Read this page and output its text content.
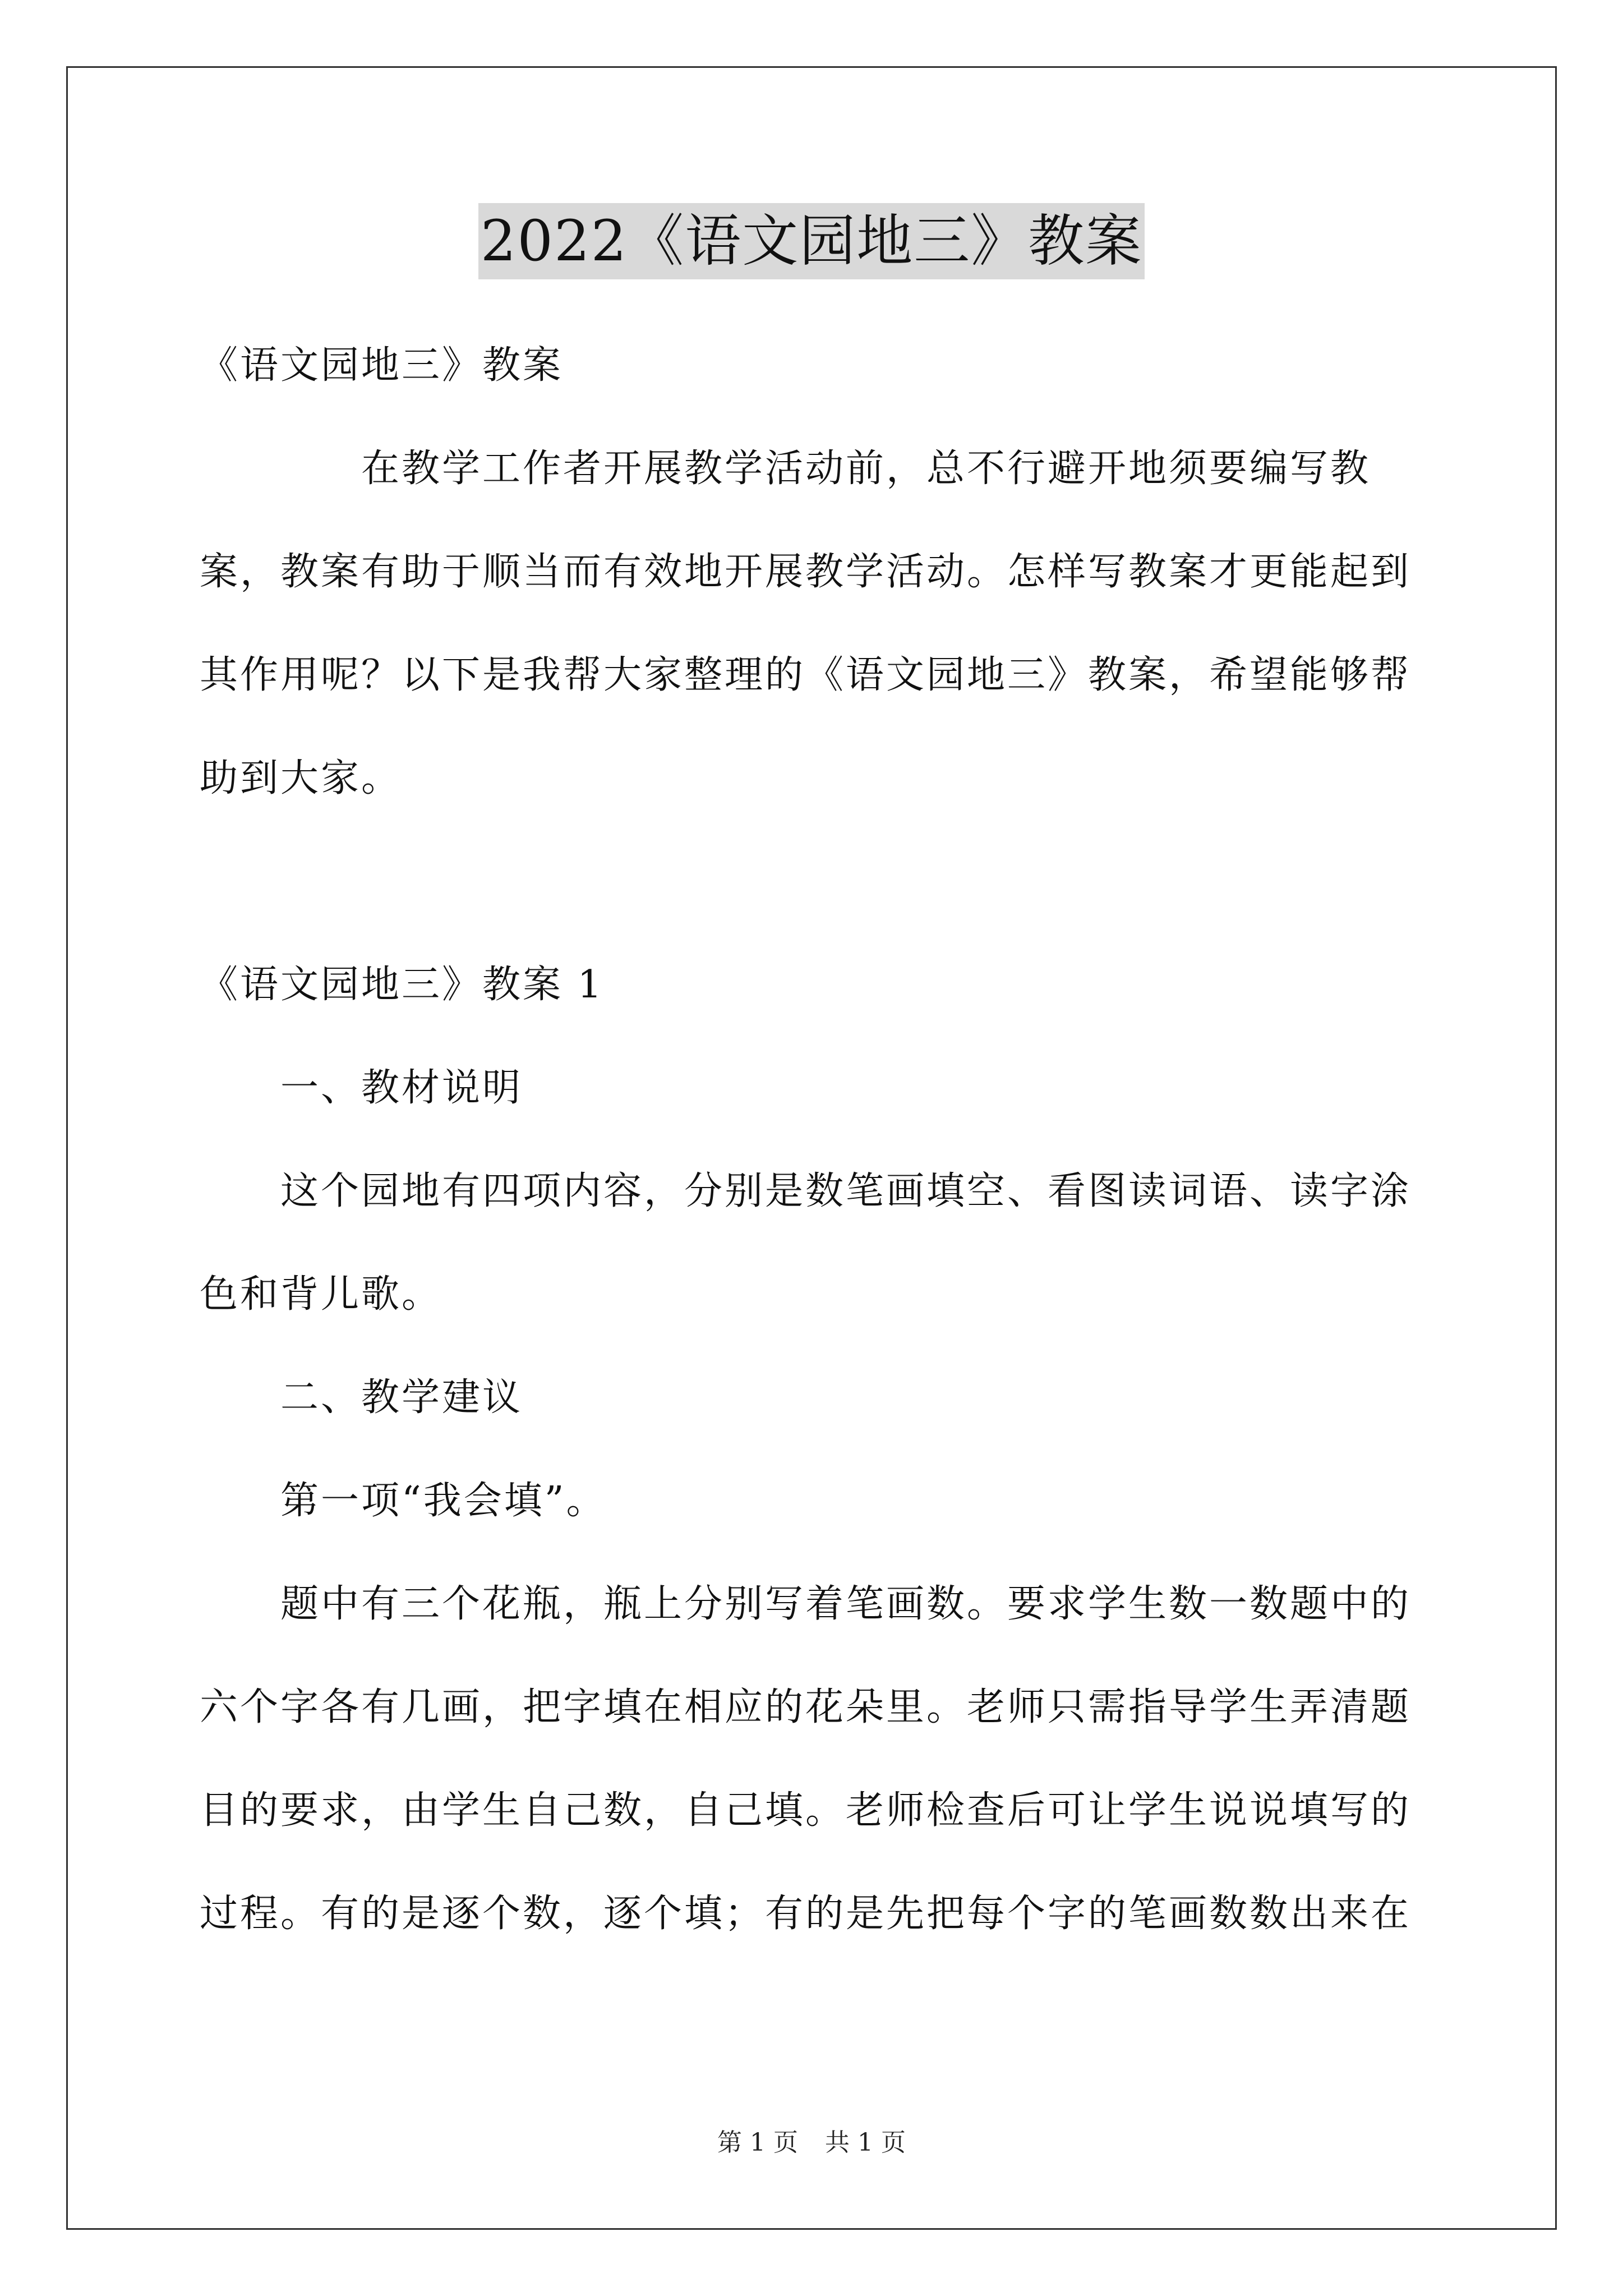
2022《语文园地三》教案

《语文园地三》教案

在教学工作者开展教学活动前，总不行避开地须要编写教案，教案有助于顺当而有效地开展教学活动。怎样写教案才更能起到其作用呢？以下是我帮大家整理的《语文园地三》教案，希望能够帮助到大家。

《语文园地三》教案 1

一、教材说明

这个园地有四项内容，分别是数笔画填空、看图读词语、读字涂色和背儿歌。

二、教学建议

第一项“我会填”。

题中有三个花瓶，瓶上分别写着笔画数。要求学生数一数题中的六个字各有几画，把字填在相应的花朵里。老师只需指导学生弄清题目的要求，由学生自己数，自己填。老师检查后可让学生说说填写的过程。有的是逐个数，逐个填；有的是先把每个字的笔画数数出来在

第 1 页 共 1 页
